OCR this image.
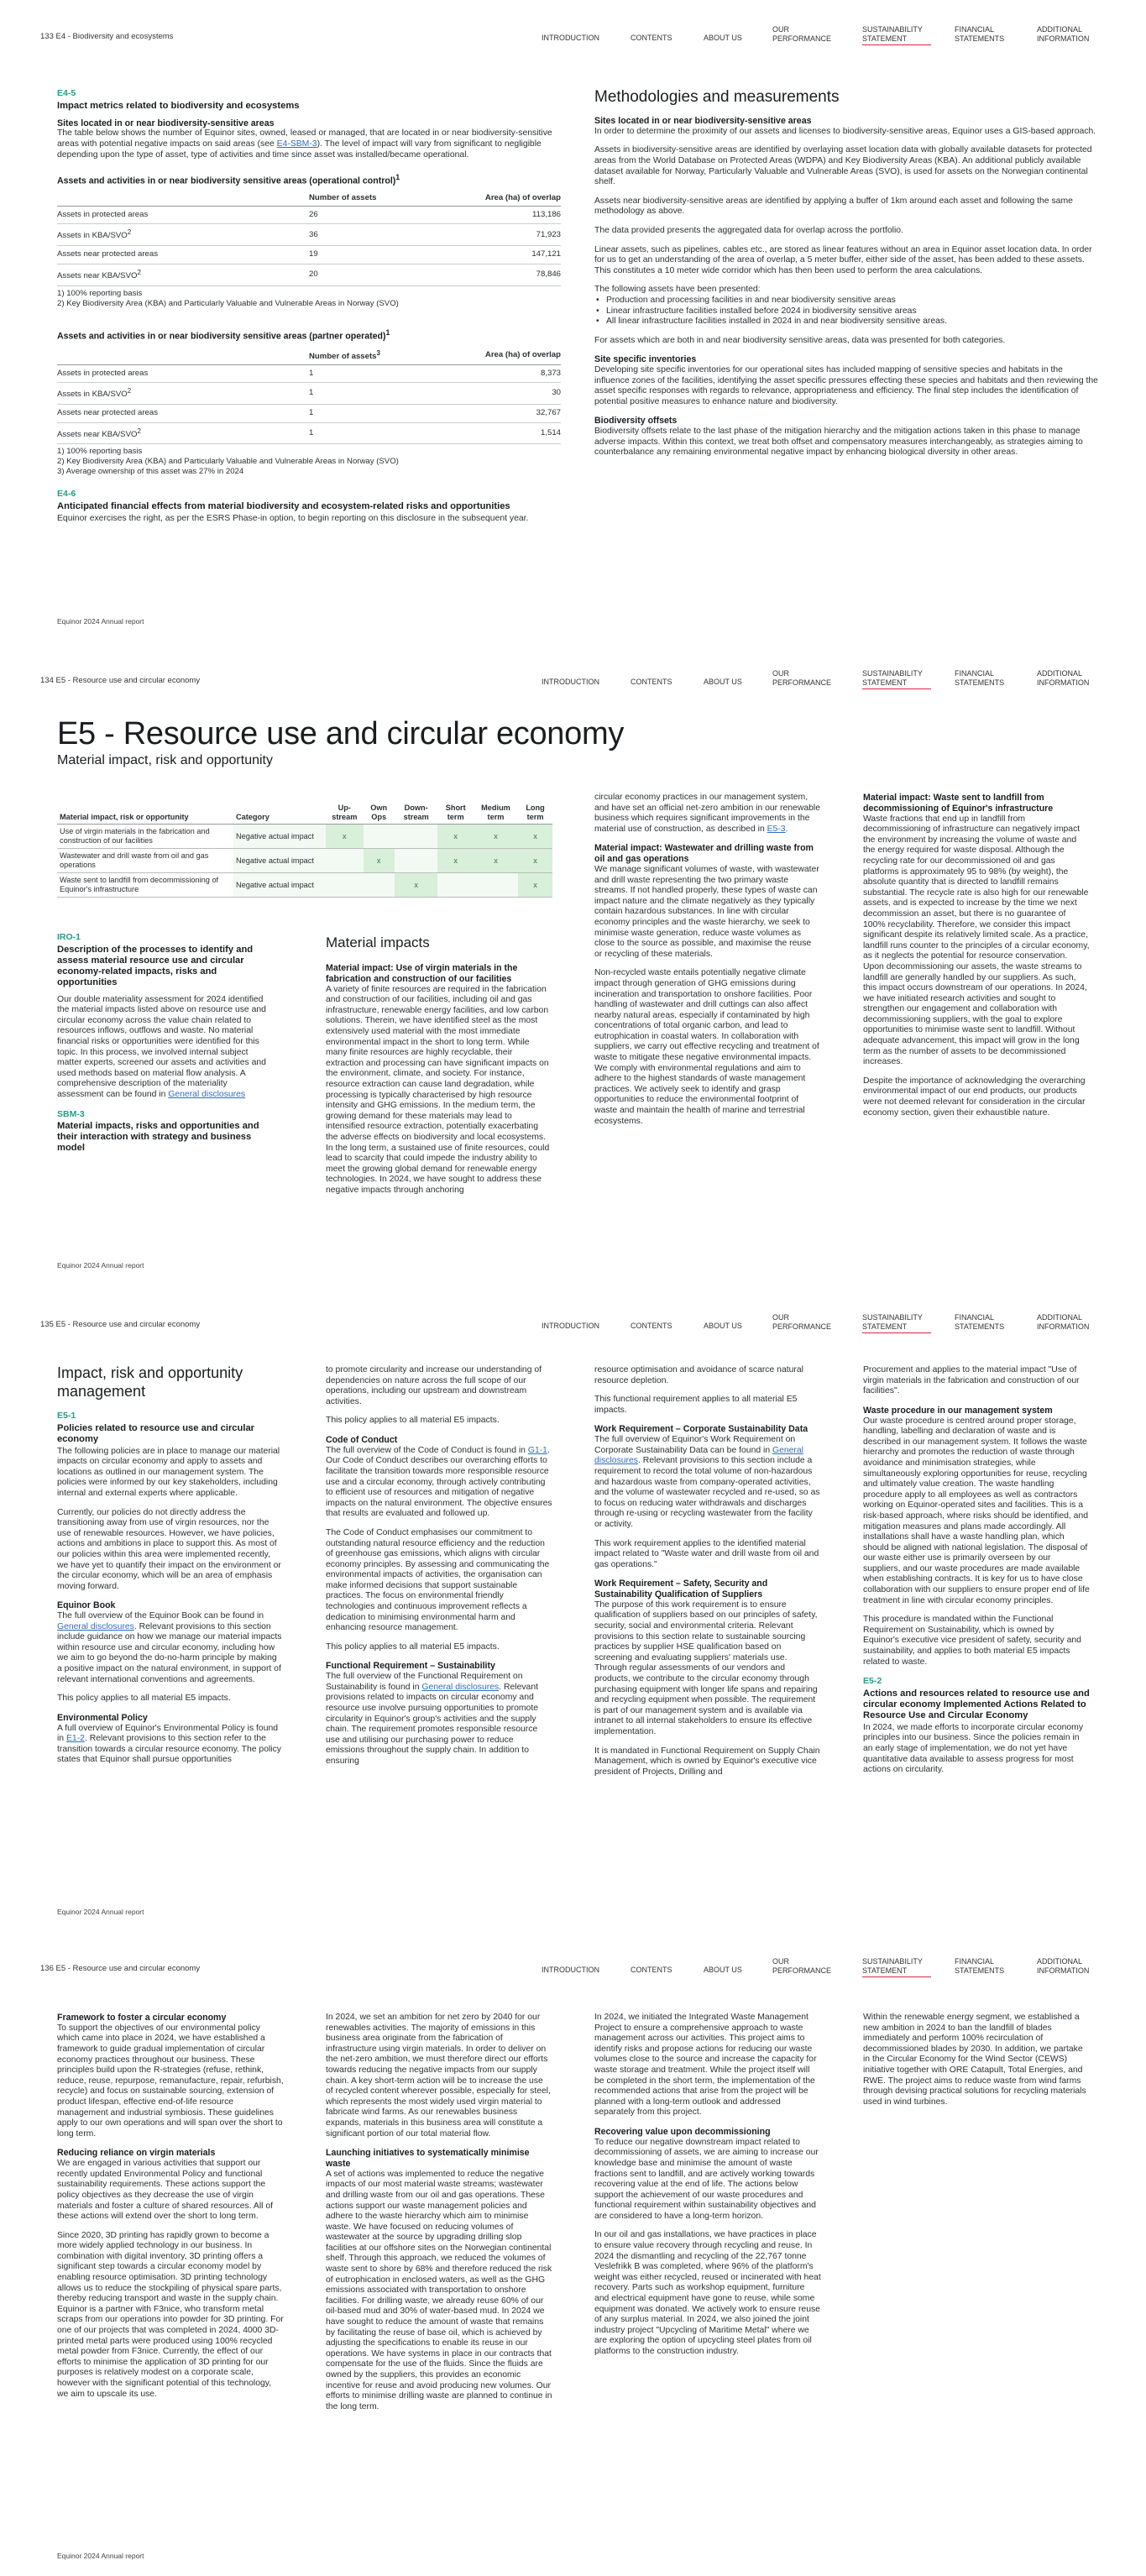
133 E4 - Biodiversity and ecosystems	INTRODUCTION	CONTENTS	ABOUT US
OUR PERFORMANCE
SUSTAINABILITY STATEMENT
FINANCIAL STATEMENTS
ADDITIONAL INFORMATION
E4-5
Impact metrics related to biodiversity and ecosystems
Sites located in or near biodiversity-sensitive areas

The table below shows the number of Equinor sites, owned, leased or managed, that are located in or near biodiversity-sensitive areas with potential negative impacts on said areas (see E4-SBM-3). The level of impact will vary from significant to negligible depending upon the type of asset, type of activities and time since asset was installed/became operational.

Assets and activities in or near biodiversity sensitive areas (operational control)$^1$
	Number of assets	Area (ha) of overlap
Assets in protected areas	26	113,186
Assets in KBA/SVO$^2$	36	71,923
Assets near protected areas	19	147,121
Assets near KBA/SVO$^2$	20	78,846
1) 100% reporting basis
2) Key Biodiversity Area (KBA) and Particularly Valuable and Vulnerable Areas in Norway (SVO)
Assets and activities in or near biodiversity sensitive areas (partner operated)$^1$
	Number of assets$^3$	Area (ha) of overlap
Assets in protected areas	1	8,373
Assets in KBA/SVO$^2$	1	30
Assets near protected areas	1	32,767
Assets near KBA/SVO$^2$	1	1,514
1) 100% reporting basis
2) Key Biodiversity Area (KBA) and Particularly Valuable and Vulnerable Areas in Norway (SVO)
3) Average ownership of this asset was 27% in 2024
E4-6
Anticipated financial effects from material biodiversity and ecosystem-related risks and opportunities

Equinor exercises the right, as per the ESRS Phase-in option, to begin reporting on this disclosure in the subsequent year.

Methodologies and measurements
Sites located in or near biodiversity-sensitive areas

In order to determine the proximity of our assets and licenses to biodiversity-sensitive areas, Equinor uses a GIS-based approach.

Assets in biodiversity-sensitive areas are identified by overlaying asset location data with globally available datasets for protected areas from the World Database on Protected Areas (WDPA) and Key Biodiversity Areas (KBA). An additional publicly available dataset available for Norway, Particularly Valuable and Vulnerable Areas (SVO), is used for assets on the Norwegian continental shelf.

Assets near biodiversity-sensitive areas are identified by applying a buffer of 1km around each asset and following the same methodology as above.

The data provided presents the aggregated data for overlap across the portfolio.

Linear assets, such as pipelines, cables etc., are stored as linear features without an area in Equinor asset location data. In order for us to get an understanding of the area of overlap, a 5 meter buffer, either side of the asset, has been added to these assets. This constitutes a 10 meter wide corridor which has then been used to perform the area calculations.

The following assets have been presented:

• Production and processing facilities in and near biodiversity sensitive areas
• Linear infrastructure facilities installed before 2024 in biodiversity sensitive areas
• All linear infrastructure facilities installed in 2024 in and near biodiversity sensitive areas.

For assets which are both in and near biodiversity sensitive areas, data was presented for both categories.

Site specific inventories

Developing site specific inventories for our operational sites has included mapping of sensitive species and habitats in the influence zones of the facilities, identifying the asset specific pressures effecting these species and habitats and then reviewing the asset specific responses with regards to relevance, appropriateness and efficiency. The final step includes the identification of potential positive measures to enhance nature and biodiversity.

Biodiversity offsets

Biodiversity offsets relate to the last phase of the mitigation hierarchy and the mitigation actions taken in this phase to manage adverse impacts. Within this context, we treat both offset and compensatory measures interchangeably, as strategies aiming to counterbalance any remaining environmental negative impact by enhancing biological diversity in other areas.

Equinor 2024 Annual report
134 E5 - Resource use and circular economy	INTRODUCTION	CONTENTS	ABOUT US
OUR PERFORMANCE
SUSTAINABILITY STATEMENT
FINANCIAL STATEMENTS
ADDITIONAL INFORMATION
E5 - Resource use and circular economy
Material impact, risk and opportunity
Material impact, risk or opportunity	Category	Up-stream	Own Ops	Down-stream	Short term	Medium term	Long term
Use of virgin materials in the fabrication and construction of our facilities	Negative actual impact	x			x	x	x
Wastewater and drill waste from oil and gas operations	Negative actual impact		x		x	x	x
Waste sent to landfill from decommissioning of Equinor's infrastructure	Negative actual impact			x			x
IRO-1
Description of the processes to identify and assess material resource use and circular economy-related impacts, risks and opportunities

Our double materiality assessment for 2024 identified the material impacts listed above on resource use and circular economy across the value chain related to resources inflows, outflows and waste. No material financial risks or opportunities were identified for this topic. In this process, we involved internal subject matter experts, screened our assets and activities and used methods based on material flow analysis. A comprehensive description of the materiality assessment can be found in General disclosures

SBM-3
Material impacts, risks and opportunities and their interaction with strategy and business model
Material impacts
Material impact: Use of virgin materials in the fabrication and construction of our facilities

A variety of finite resources are required in the fabrication and construction of our facilities, including oil and gas infrastructure, renewable energy facilities, and low carbon solutions. Therein, we have identified steel as the most extensively used material with the most immediate environmental impact in the short to long term. While many finite resources are highly recyclable, their extraction and processing can have significant impacts on the environment, climate, and society. For instance, resource extraction can cause land degradation, while processing is typically characterised by high resource intensity and GHG emissions. In the medium term, the growing demand for these materials may lead to intensified resource extraction, potentially exacerbating the adverse effects on biodiversity and local ecosystems. In the long term, a sustained use of finite resources, could lead to scarcity that could impede the industry ability to meet the growing global demand for renewable energy technologies. In 2024, we have sought to address these negative impacts through anchoring

circular economy practices in our management system, and have set an official net-zero ambition in our renewable business which requires significant improvements in the material use of construction, as described in E5-3.

Material impact: Wastewater and drilling waste from oil and gas operations

We manage significant volumes of waste, with wastewater and drill waste representing the two primary waste streams. If not handled properly, these types of waste can impact nature and the climate negatively as they typically contain hazardous substances. In line with circular economy principles and the waste hierarchy, we seek to minimise waste generation, reduce waste volumes as close to the source as possible, and maximise the reuse or recycling of these materials.

Non-recycled waste entails potentially negative climate impact through generation of GHG emissions during incineration and transportation to onshore facilities. Poor handling of wastewater and drill cuttings can also affect nearby natural areas, especially if contaminated by high concentrations of total organic carbon, and lead to eutrophication in coastal waters. In collaboration with suppliers, we carry out effective recycling and treatment of waste to mitigate these negative environmental impacts. We comply with environmental regulations and aim to adhere to the highest standards of waste management practices. We actively seek to identify and grasp opportunities to reduce the environmental footprint of waste and maintain the health of marine and terrestrial ecosystems.

Material impact: Waste sent to landfill from decommissioning of Equinor's infrastructure

Waste fractions that end up in landfill from decommissioning of infrastructure can negatively impact the environment by increasing the volume of waste and the energy required for waste disposal. Although the recycling rate for our decommissioned oil and gas platforms is approximately 95 to 98% (by weight), the absolute quantity that is directed to landfill remains substantial. The recycle rate is also high for our renewable assets, and is expected to increase by the time we next decommission an asset, but there is no guarantee of 100% recyclability. Therefore, we consider this impact significant despite its relatively limited scale. As a practice, landfill runs counter to the principles of a circular economy, as it neglects the potential for resource conservation. Upon decommissioning our assets, the waste streams to landfill are generally handled by our suppliers. As such, this impact occurs downstream of our operations. In 2024, we have initiated research activities and sought to strengthen our engagement and collaboration with decommissioning suppliers, with the goal to explore opportunities to minimise waste sent to landfill. Without adequate advancement, this impact will grow in the long term as the number of assets to be decommissioned increases.

Despite the importance of acknowledging the overarching environmental impact of our end products, our products were not deemed relevant for consideration in the circular economy section, given their exhaustible nature.

Equinor 2024 Annual report
135 E5 - Resource use and circular economy	INTRODUCTION	CONTENTS	ABOUT US
OUR PERFORMANCE
SUSTAINABILITY STATEMENT
FINANCIAL STATEMENTS
ADDITIONAL INFORMATION
Impact, risk and opportunity management
E5-1
Policies related to resource use and circular economy

The following policies are in place to manage our material impacts on circular economy and apply to assets and locations as outlined in our management system. The policies were informed by our key stakeholders, including internal and external experts where applicable.

Currently, our policies do not directly address the transitioning away from use of virgin resources, nor the use of renewable resources. However, we have policies, actions and ambitions in place to support this. As most of our policies within this area were implemented recently, we have yet to quantify their impact on the environment or the circular economy, which will be an area of emphasis moving forward.

Equinor Book

The full overview of the Equinor Book can be found in General disclosures. Relevant provisions to this section include guidance on how we manage our material impacts within resource use and circular economy, including how we aim to go beyond the do-no-harm principle by making a positive impact on the natural environment, in support of relevant international conventions and agreements.

This policy applies to all material E5 impacts.

Environmental Policy

A full overview of Equinor's Environmental Policy is found in E1-2. Relevant provisions to this section refer to the transition towards a circular resource economy. The policy states that Equinor shall pursue opportunities

to promote circularity and increase our understanding of dependencies on nature across the full scope of our operations, including our upstream and downstream activities.

This policy applies to all material E5 impacts.

Code of Conduct

The full overview of the Code of Conduct is found in G1-1. Our Code of Conduct describes our overarching efforts to facilitate the transition towards more responsible resource use and a circular economy, through actively contributing to efficient use of resources and mitigation of negative impacts on the natural environment. The objective ensures that results are evaluated and followed up.

The Code of Conduct emphasises our commitment to outstanding natural resource efficiency and the reduction of greenhouse gas emissions, which aligns with circular economy principles. By assessing and communicating the environmental impacts of activities, the organisation can make informed decisions that support sustainable practices. The focus on environmental friendly technologies and continuous improvement reflects a dedication to minimising environmental harm and enhancing resource management.

This policy applies to all material E5 impacts.

Functional Requirement – Sustainability

The full overview of the Functional Requirement on Sustainability is found in General disclosures. Relevant provisions related to impacts on circular economy and resource use involve pursuing opportunities to promote circularity in Equinor's group's activities and the supply chain. The requirement promotes responsible resource use and utilising our purchasing power to reduce emissions throughout the supply chain. In addition to ensuring

resource optimisation and avoidance of scarce natural resource depletion.

This functional requirement applies to all material E5 impacts.

Work Requirement – Corporate Sustainability Data

The full overview of Equinor's Work Requirement on Corporate Sustainability Data can be found in General disclosures. Relevant provisions to this section include a requirement to record the total volume of non-hazardous and hazardous waste from company-operated activities, and the volume of wastewater recycled and re-used, so as to focus on reducing water withdrawals and discharges through re-using or recycling wastewater from the facility or activity.

This work requirement applies to the identified material impact related to "Waste water and drill waste from oil and gas operations."

Work Requirement – Safety, Security and Sustainability Qualification of Suppliers

The purpose of this work requirement is to ensure qualification of suppliers based on our principles of safety, security, social and environmental criteria. Relevant provisions to this section relate to sustainable sourcing practices by supplier HSE qualification based on screening and evaluating suppliers' materials use. Through regular assessments of our vendors and products, we contribute to the circular economy through purchasing equipment with longer life spans and repairing and recycling equipment when possible. The requirement is part of our management system and is available via intranet to all internal stakeholders to ensure its effective implementation.

It is mandated in Functional Requirement on Supply Chain Management, which is owned by Equinor's executive vice president of Projects, Drilling and

Procurement and applies to the material impact "Use of virgin materials in the fabrication and construction of our facilities".

Waste procedure in our management system

Our waste procedure is centred around proper storage, handling, labelling and declaration of waste and is described in our management system. It follows the waste hierarchy and promotes the reduction of waste through avoidance and minimisation strategies, while simultaneously exploring opportunities for reuse, recycling and ultimately value creation. The waste handling procedure apply to all employees as well as contractors working on Equinor-operated sites and facilities. This is a risk-based approach, where risks should be identified, and mitigation measures and plans made accordingly. All installations shall have a waste handling plan, which should be aligned with national legislation. The disposal of our waste either use is primarily overseen by our suppliers, and our waste procedures are made available when establishing contracts. It is key for us to have close collaboration with our suppliers to ensure proper end of life treatment in line with circular economy principles.

This procedure is mandated within the Functional Requirement on Sustainability, which is owned by Equinor's executive vice president of safety, security and sustainability, and applies to both material E5 impacts related to waste.

E5-2
Actions and resources related to resource use and circular economy Implemented Actions Related to Resource Use and Circular Economy

In 2024, we made efforts to incorporate circular economy principles into our business. Since the policies remain in an early stage of implementation, we do not yet have quantitative data available to assess progress for most actions on circularity.

Equinor 2024 Annual report
136 E5 - Resource use and circular economy	INTRODUCTION	CONTENTS	ABOUT US
OUR PERFORMANCE
SUSTAINABILITY STATEMENT
FINANCIAL STATEMENTS
ADDITIONAL INFORMATION
Framework to foster a circular economy

To support the objectives of our environmental policy which came into place in 2024, we have established a framework to guide gradual implementation of circular economy practices throughout our business. These principles build upon the R-strategies (refuse, rethink, reduce, reuse, repurpose, remanufacture, repair, refurbish, recycle) and focus on sustainable sourcing, extension of product lifespan, effective end-of-life resource management and industrial symbiosis. These guidelines apply to our own operations and will span over the short to long term.

Reducing reliance on virgin materials

We are engaged in various activities that support our recently updated Environmental Policy and functional sustainability requirements. These actions support the policy objectives as they decrease the use of virgin materials and foster a culture of shared resources. All of these actions will extend over the short to long term.

Since 2020, 3D printing has rapidly grown to become a more widely applied technology in our business. In combination with digital inventory, 3D printing offers a significant step towards a circular economy model by enabling resource optimisation. 3D printing technology allows us to reduce the stockpiling of physical spare parts, thereby reducing transport and waste in the supply chain. Equinor is a partner with F3nice, who transform metal scraps from our operations into powder for 3D printing. For one of our projects that was completed in 2024, 4000 3D-printed metal parts were produced using 100% recycled metal powder from F3nice. Currently, the effect of our efforts to minimise the application of 3D printing for our purposes is relatively modest on a corporate scale, however with the significant potential of this technology, we aim to upscale its use.

In 2024, we set an ambition for net zero by 2040 for our renewables activities. The majority of emissions in this business area originate from the fabrication of infrastructure using virgin materials. In order to deliver on the net-zero ambition, we must therefore direct our efforts towards reducing the negative impacts from our supply chain. A key short-term action will be to increase the use of recycled content wherever possible, especially for steel, which represents the most widely used virgin material to fabricate wind farms. As our renewables business expands, materials in this business area will constitute a significant portion of our total material flow.

Launching initiatives to systematically minimise waste

A set of actions was implemented to reduce the negative impacts of our most material waste streams; wastewater and drilling waste from our oil and gas operations. These actions support our waste management policies and adhere to the waste hierarchy which aim to minimise waste. We have focused on reducing volumes of wastewater at the source by upgrading drilling slop facilities at our offshore sites on the Norwegian continental shelf. Through this approach, we reduced the volumes of waste sent to shore by 68% and therefore reduced the risk of eutrophication in enclosed waters, as well as the GHG emissions associated with transportation to onshore facilities. For drilling waste, we already reuse 60% of our oil-based mud and 30% of water-based mud. In 2024 we have sought to reduce the amount of waste that remains by facilitating the reuse of base oil, which is achieved by adjusting the specifications to enable its reuse in our operations. We have systems in place in our contracts that compensate for the use of the fluids. Since the fluids are owned by the suppliers, this provides an economic incentive for reuse and avoid producing new volumes. Our efforts to minimise drilling waste are planned to continue in the long term.

In 2024, we initiated the Integrated Waste Management Project to ensure a comprehensive approach to waste management across our activities. This project aims to identify risks and propose actions for reducing our waste volumes close to the source and increase the capacity for waste storage and treatment. While the project itself will be completed in the short term, the implementation of the recommended actions that arise from the project will be planned with a long-term outlook and addressed separately from this project.

Recovering value upon decommissioning

To reduce our negative downstream impact related to decommissioning of assets, we are aiming to increase our knowledge base and minimise the amount of waste fractions sent to landfill, and are actively working towards recovering value at the end of life. The actions below support the achievement of our waste procedures and functional requirement within sustainability objectives and are considered to have a long-term horizon.

In our oil and gas installations, we have practices in place to ensure value recovery through recycling and reuse. In 2024 the dismantling and recycling of the 22,767 tonne Veslefrikk B was completed, where 96% of the platform's weight was either recycled, reused or incinerated with heat recovery. Parts such as workshop equipment, furniture and electrical equipment have gone to reuse, while some equipment was donated. We actively work to ensure reuse of any surplus material. In 2024, we also joined the joint industry project "Upcycling of Maritime Metal" where we are exploring the option of upcycling steel plates from oil platforms to the construction industry.

Within the renewable energy segment, we established a new ambition in 2024 to ban the landfill of blades immediately and perform 100% recirculation of decommissioned blades by 2030. In addition, we partake in the Circular Economy for the Wind Sector (CEWS) initiative together with ORE Catapult, Total Energies, and RWE. The project aims to reduce waste from wind farms through devising practical solutions for recycling materials used in wind turbines.

Equinor 2024 Annual report
